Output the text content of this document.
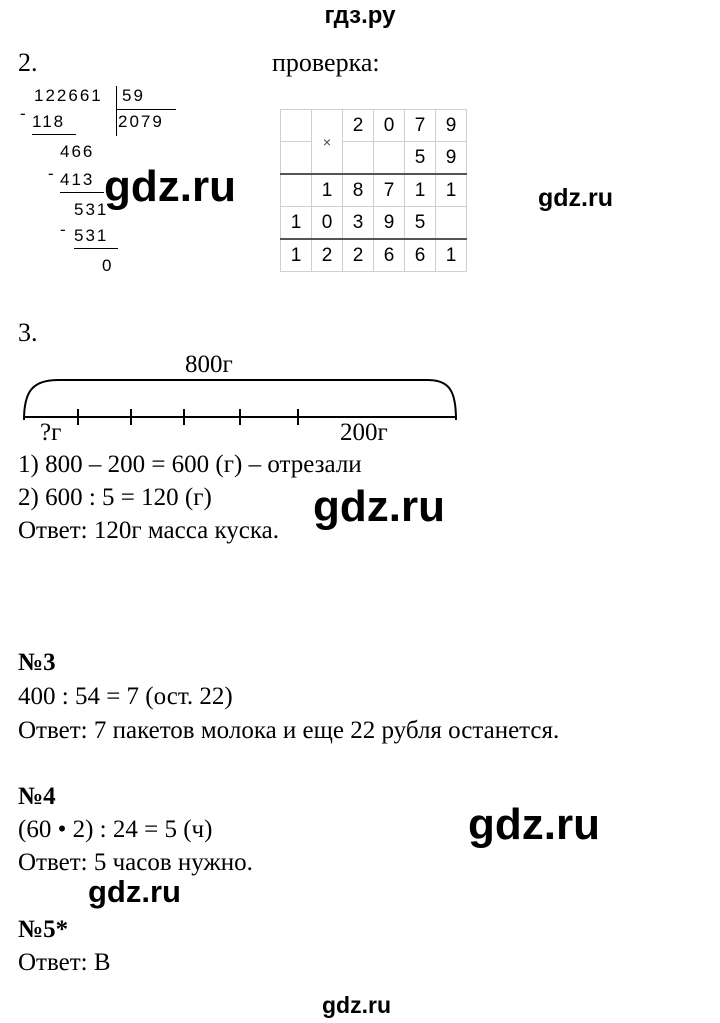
гдз.ру
2.	проверка:
122661 59
2079
- 118
466
- 413
531
- 531
0
	×	2	0	7	9
				5	9
	1	8	7	1	1
1	0	3	9	5	
1	2	2	6	6	1
3.
800г
?г	200г
1) 800 – 200 = 600 (г) – отрезали
2) 600 : 5 = 120 (г)
Ответ: 120г масса куска.
№3
400 : 54 = 7 (ост. 22)
Ответ: 7 пакетов молока и еще 22 рубля останется.
№4
(60 • 2) : 24 = 5 (ч)
Ответ: 5 часов нужно.
№5*
Ответ: В
gdz.ru	gdz.ru
gdz.ru
gdz.ru
gdz.ru
gdz.ru
